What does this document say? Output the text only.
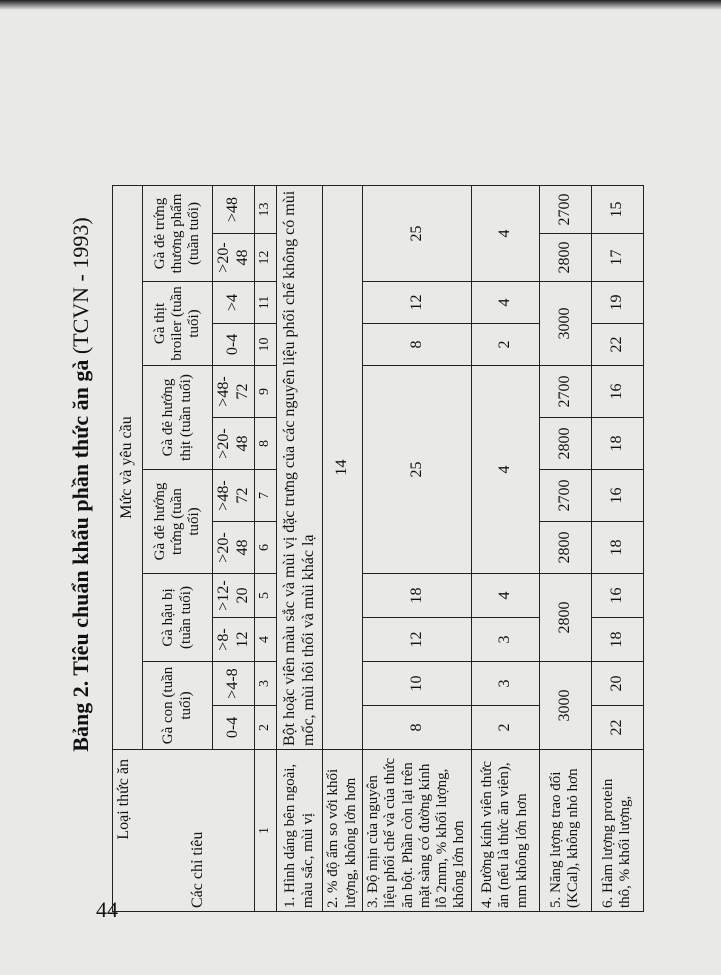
44
Bảng 2. Tiêu chuẩn khẩu phần thức ăn gà (TCVN - 1993)
Loại thức ăn
Các chỉ tiêu	Mức và yêu cầu											
	Gà con (tuần tuổi)		Gà hậu bị (tuần tuổi)		Gà đẻ hướng trứng (tuần tuổi)		Gà đẻ hướng thịt (tuần tuổi)		Gà thịt broiler (tuần tuổi)		Gà đẻ trứng thương phẩm (tuần tuổi)	
	0-4	>4-8	>8-12	>12-20	>20-48	>48-72	>20-48	>48-72	0-4	>4	>20-48	>48
1	2	3	4	5	6	7	8	9	10	11	12	13
1. Hình dáng bên ngoài, màu sắc, mùi vị	Bột hoặc viên màu sắc và mùi vị đặc trưng của các nguyên liệu phối chế không có mùi mốc, mùi hôi thối và mùi khác lạ											
2. % độ ẩm so với khối lượng, không lớn hơn	14											
3. Độ mịn của nguyên liệu phối chế và của thức ăn bột. Phần còn lại trên mặt sàng có đường kính lỗ 2mm, % khối lượng, không lớn hơn	8	10	12	18	25				8	12	25	
4. Đường kính viên thức ăn (nếu là thức ăn viên), mm không lớn hơn	2	3	3	4	4				2	4	4	
5. Năng lượng trao đổi (KCal), không nhỏ hơn	3000		2800		2800	2700	2800	2700	3000		2800	2700
6. Hàm lượng protein thô, % khối lượng,	22	20	18	16	18	16	18	16	22	19	17	15
